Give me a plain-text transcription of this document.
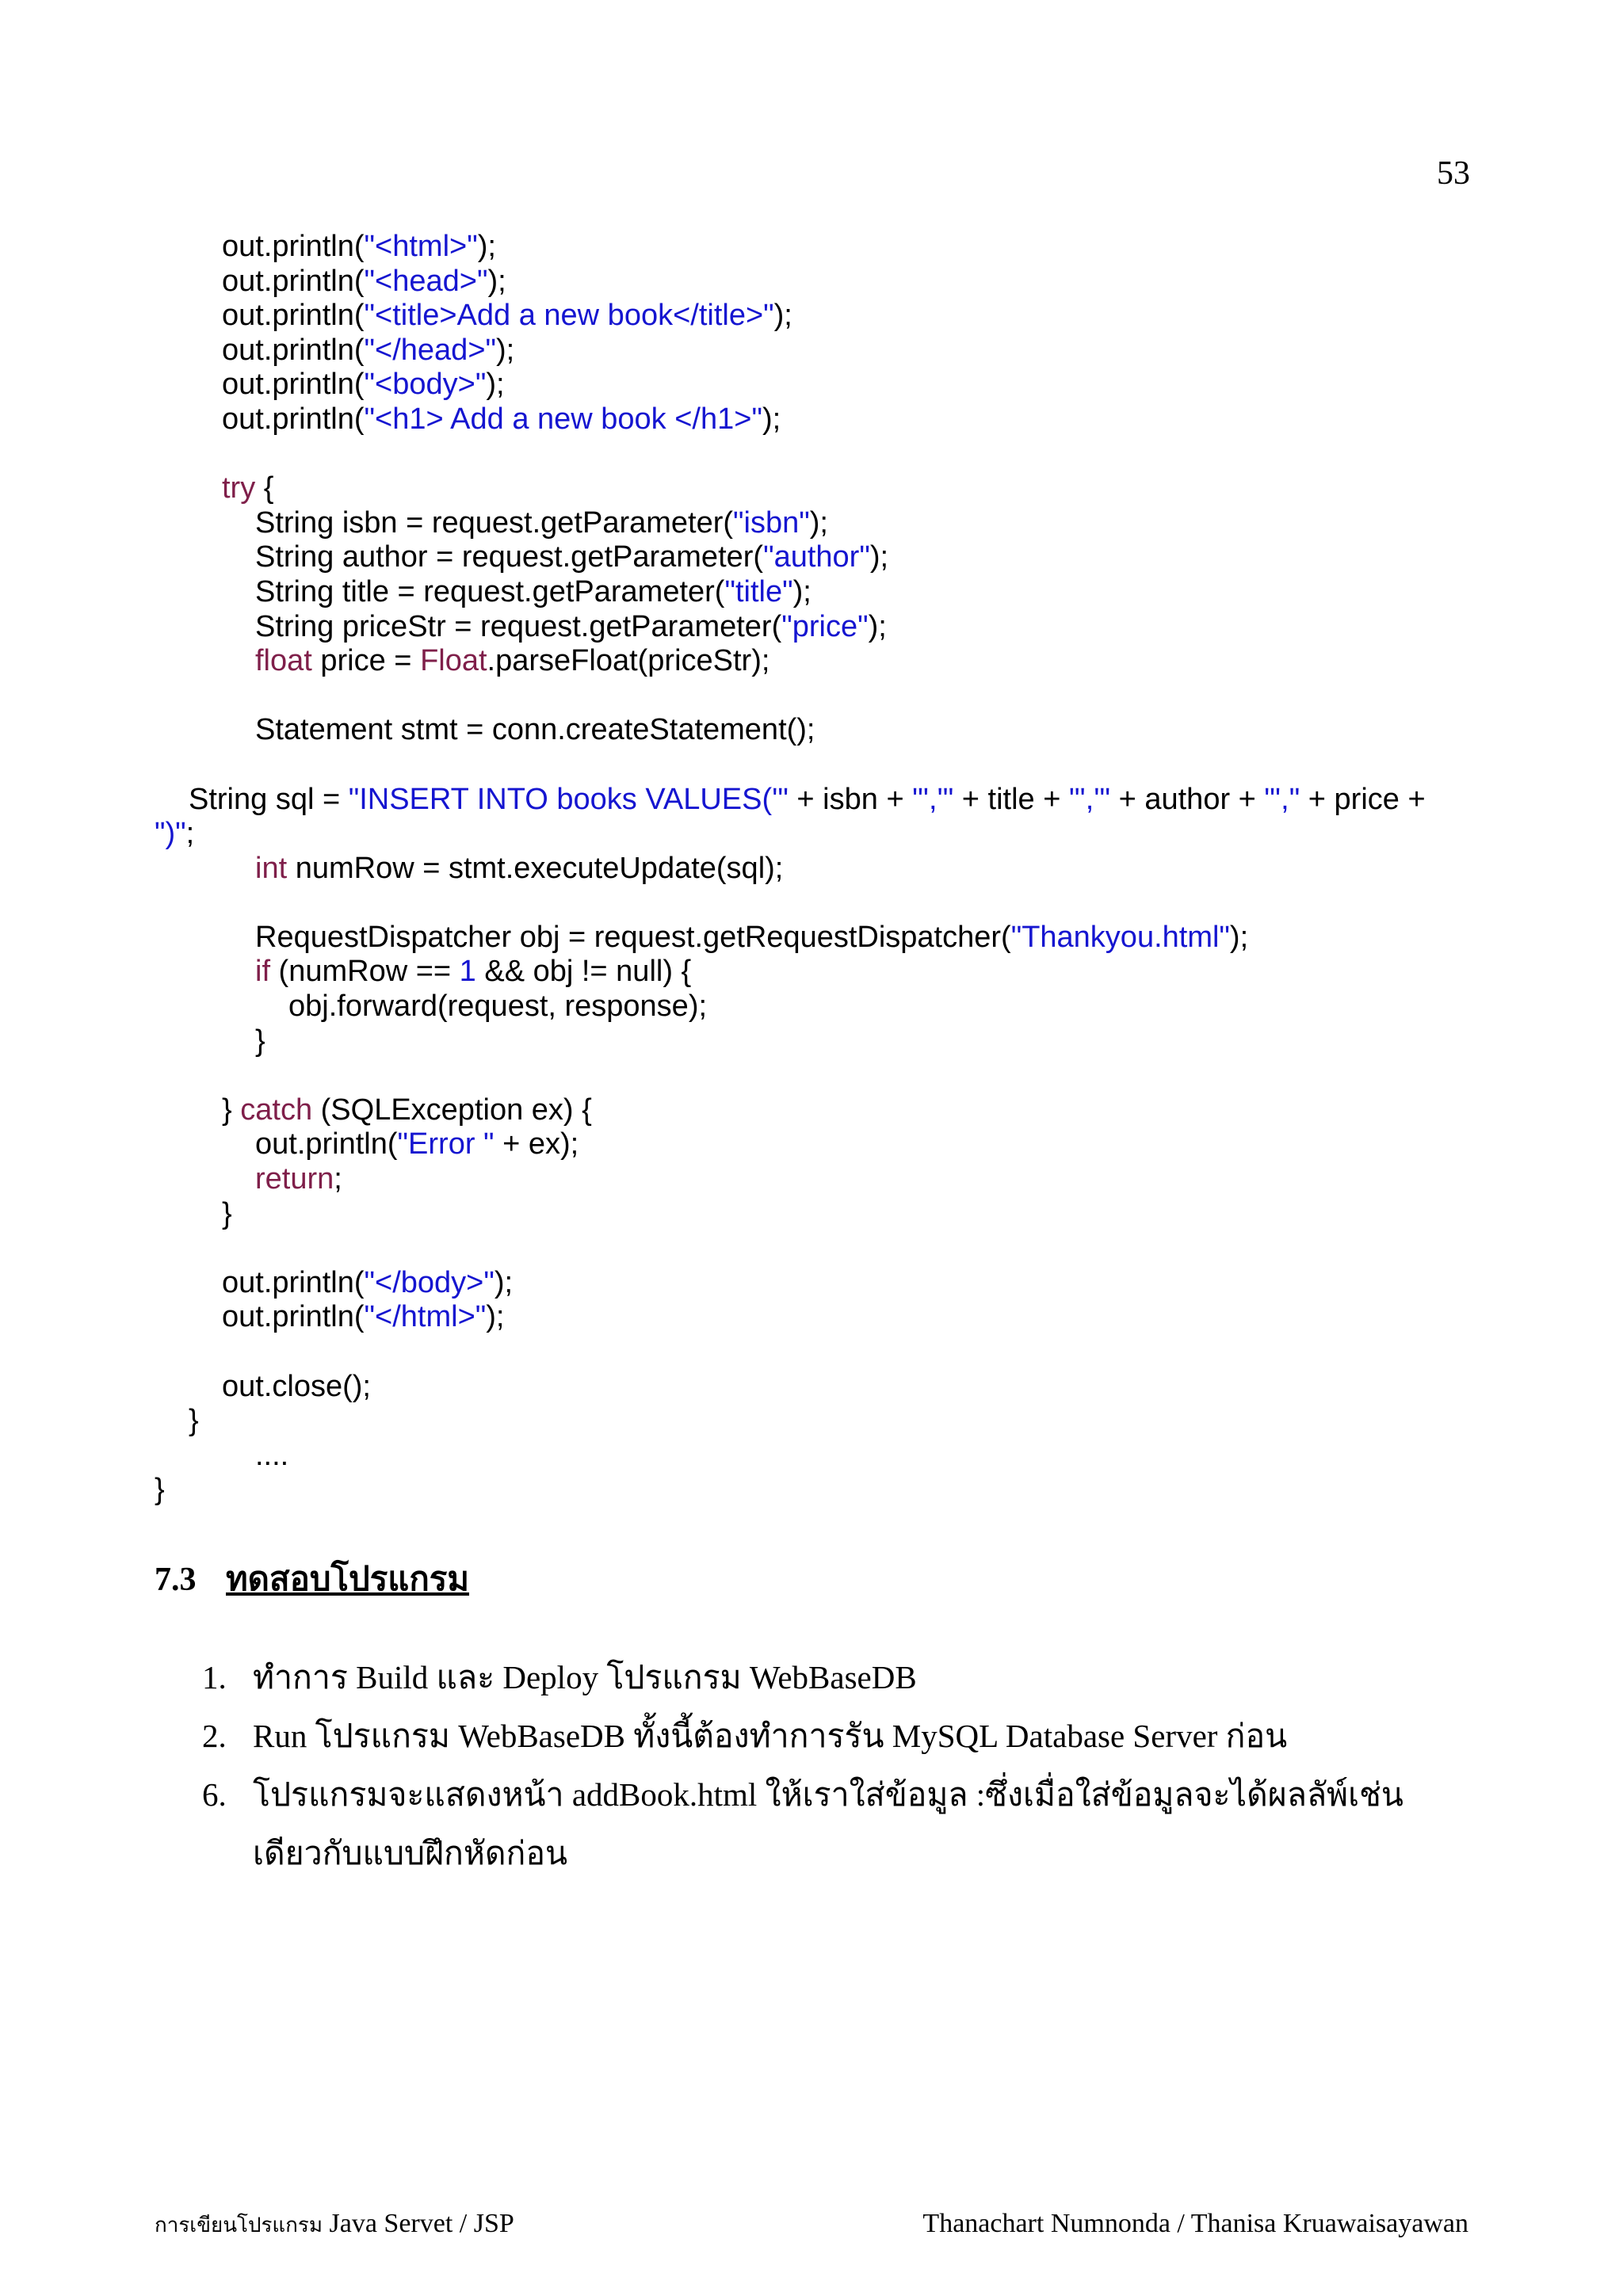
53
out.println("<html>");
out.println("<head>");
out.println("<title>Add a new book</title>");
out.println("</head>");
out.println("<body>");
out.println("<h1> Add a new book </h1>");
try {
String isbn = request.getParameter("isbn");
String author = request.getParameter("author");
String title = request.getParameter("title");
String priceStr = request.getParameter("price");
float price = Float.parseFloat(priceStr);
Statement stmt = conn.createStatement();
String sql = "INSERT INTO books VALUES('" + isbn + "','" + title + "','" + author + "'," + price +
")";
int numRow = stmt.executeUpdate(sql);
RequestDispatcher obj = request.getRequestDispatcher("Thankyou.html");
if (numRow == 1 && obj != null) {
obj.forward(request, response);
}
} catch (SQLException ex) {
out.println("Error " + ex);
return;
}
out.println("</body>");
out.println("</html>");
out.close();
}
....
}
7.3 ทดสอบโปรแกรม
1. ทำการ Build และ Deploy โปรแกรม WebBaseDB
2. Run โปรแกรม WebBaseDB ทั้งนี้ต้องทำการรัน MySQL Database Server ก่อน
6. โปรแกรมจะแสดงหน้า addBook.html ให้เราใส่ข้อมูล :ซึ่งเมื่อใส่ข้อมูลจะได้ผลลัพ์เช่นเดียวกับแบบฝึกหัดก่อน
การเขียนโปรแกรม Java Servet / JSP	Thanachart Numnonda / Thanisa Kruawaisayawan
